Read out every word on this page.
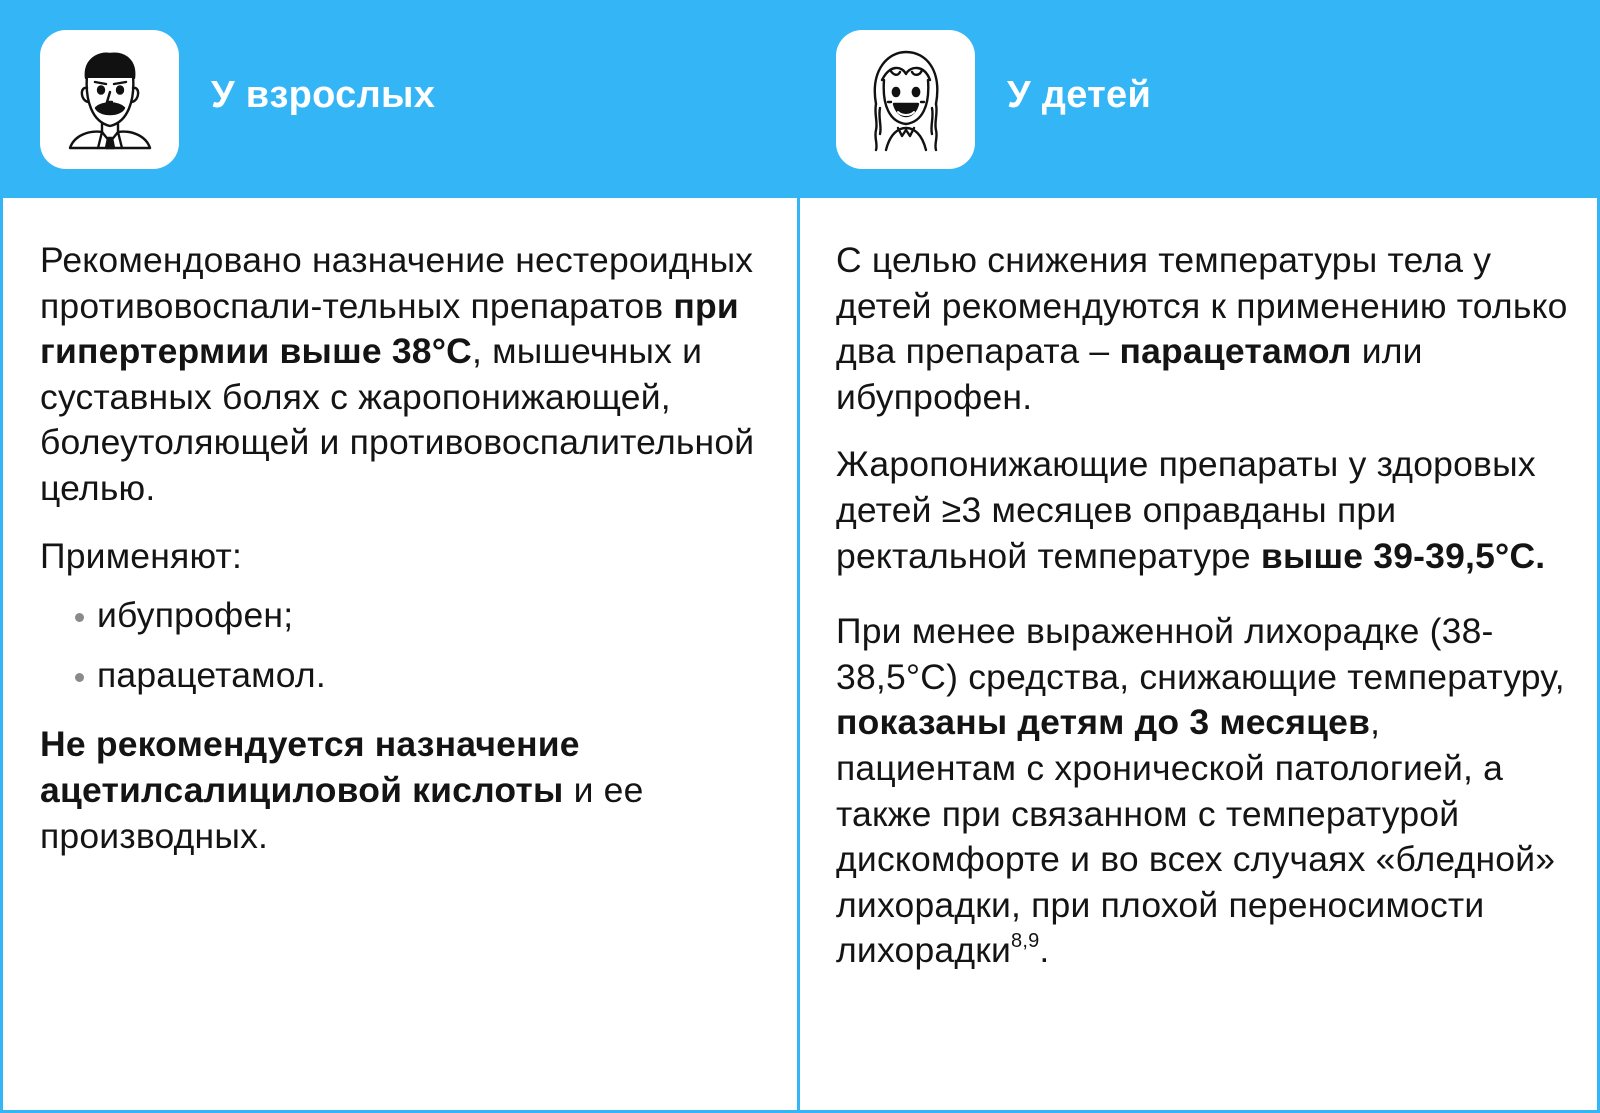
У взрослых

Рекомендовано назначение нестероидных противовоспали-тельных препаратов при гипертермии выше 38°С, мышечных и суставных болях с жаропонижающей, болеутоляющей и противовоспалительной целью.

Применяют:

ибупрофен;
парацетамол.

Не рекомендуется назначение ацетилсалициловой кислоты и ее производных.

У детей

С целью снижения температуры тела у детей рекомендуются к применению только два препарата – парацетамол или ибупрофен.

Жаропонижающие препараты у здоровых детей ≥3 месяцев оправданы при ректальной температуре выше 39-39,5°С.

При менее выраженной лихорадке (38-38,5°С) средства, снижающие температуру, показаны детям до 3 месяцев, пациентам с хронической патологией, а также при связанном с температурой дискомфорте и во всех случаях «бледной» лихорадки, при плохой переносимости лихорадки$^{8,9}$.
